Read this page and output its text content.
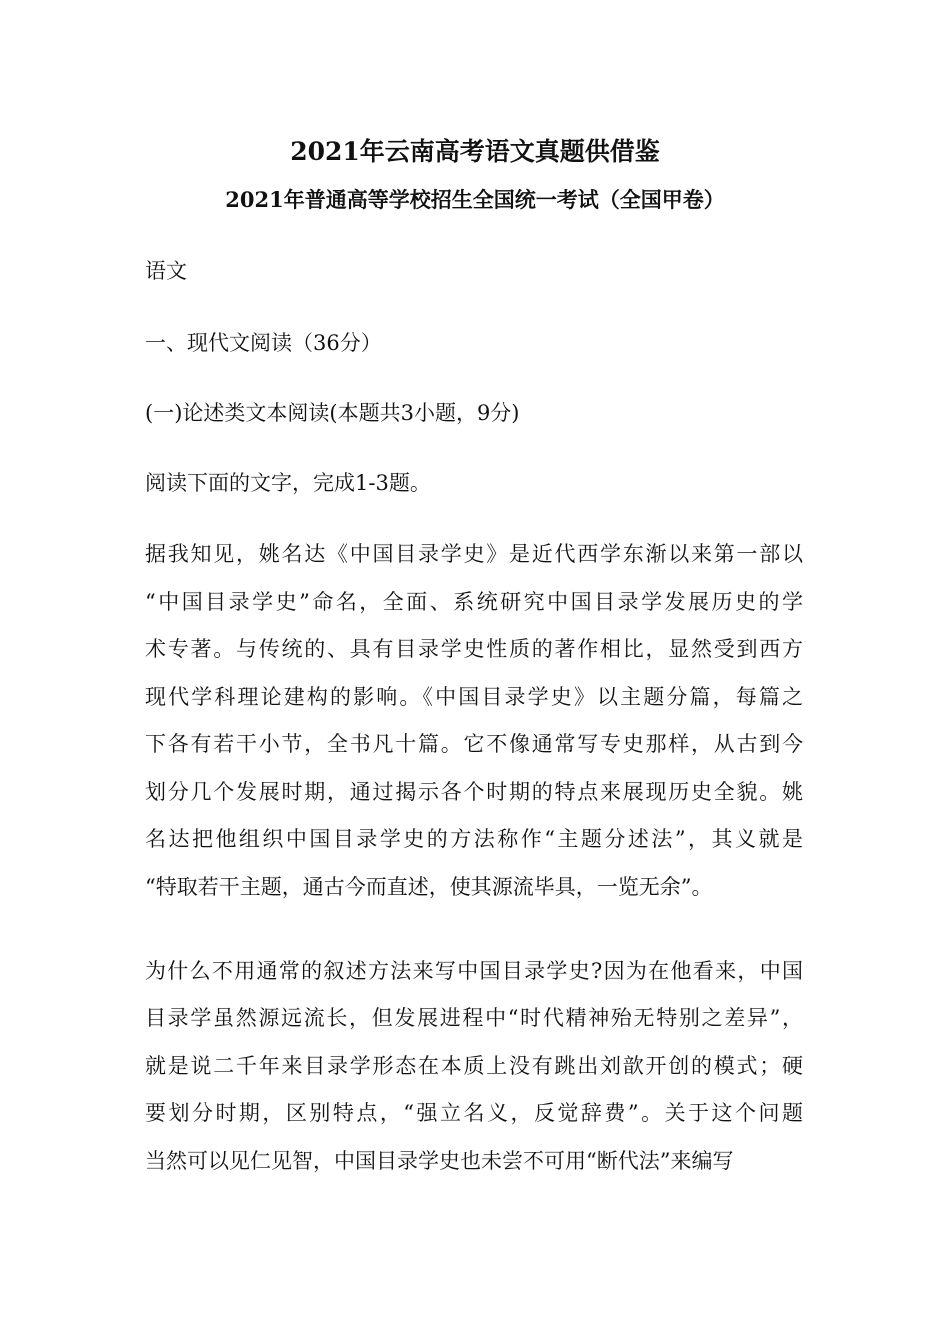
2021年云南高考语文真题供借鉴
2021年普通高等学校招生全国统一考试（全国甲卷）
语文
一、现代文阅读（36分）
(一)论述类文本阅读(本题共3小题，9分)
阅读下面的文字，完成1-3题。
据我知见，姚名达《中国目录学史》是近代西学东渐以来第一部以
“中国目录学史”命名，全面、系统研究中国目录学发展历史的学
术专著。与传统的、具有目录学史性质的著作相比，显然受到西方
现代学科理论建构的影响。《中国目录学史》以主题分篇，每篇之
下各有若干小节，全书凡十篇。它不像通常写专史那样，从古到今
划分几个发展时期，通过揭示各个时期的特点来展现历史全貌。姚
名达把他组织中国目录学史的方法称作“主题分述法”，其义就是
“特取若干主题，通古今而直述，使其源流毕具，一览无余”。
为什么不用通常的叙述方法来写中国目录学史?因为在他看来，中国
目录学虽然源远流长，但发展进程中“时代精神殆无特别之差异”，
就是说二千年来目录学形态在本质上没有跳出刘歆开创的模式；硬
要划分时期，区别特点，“强立名义，反觉辞费”。关于这个问题
当然可以见仁见智，中国目录学史也未尝不可用“断代法”来编写
